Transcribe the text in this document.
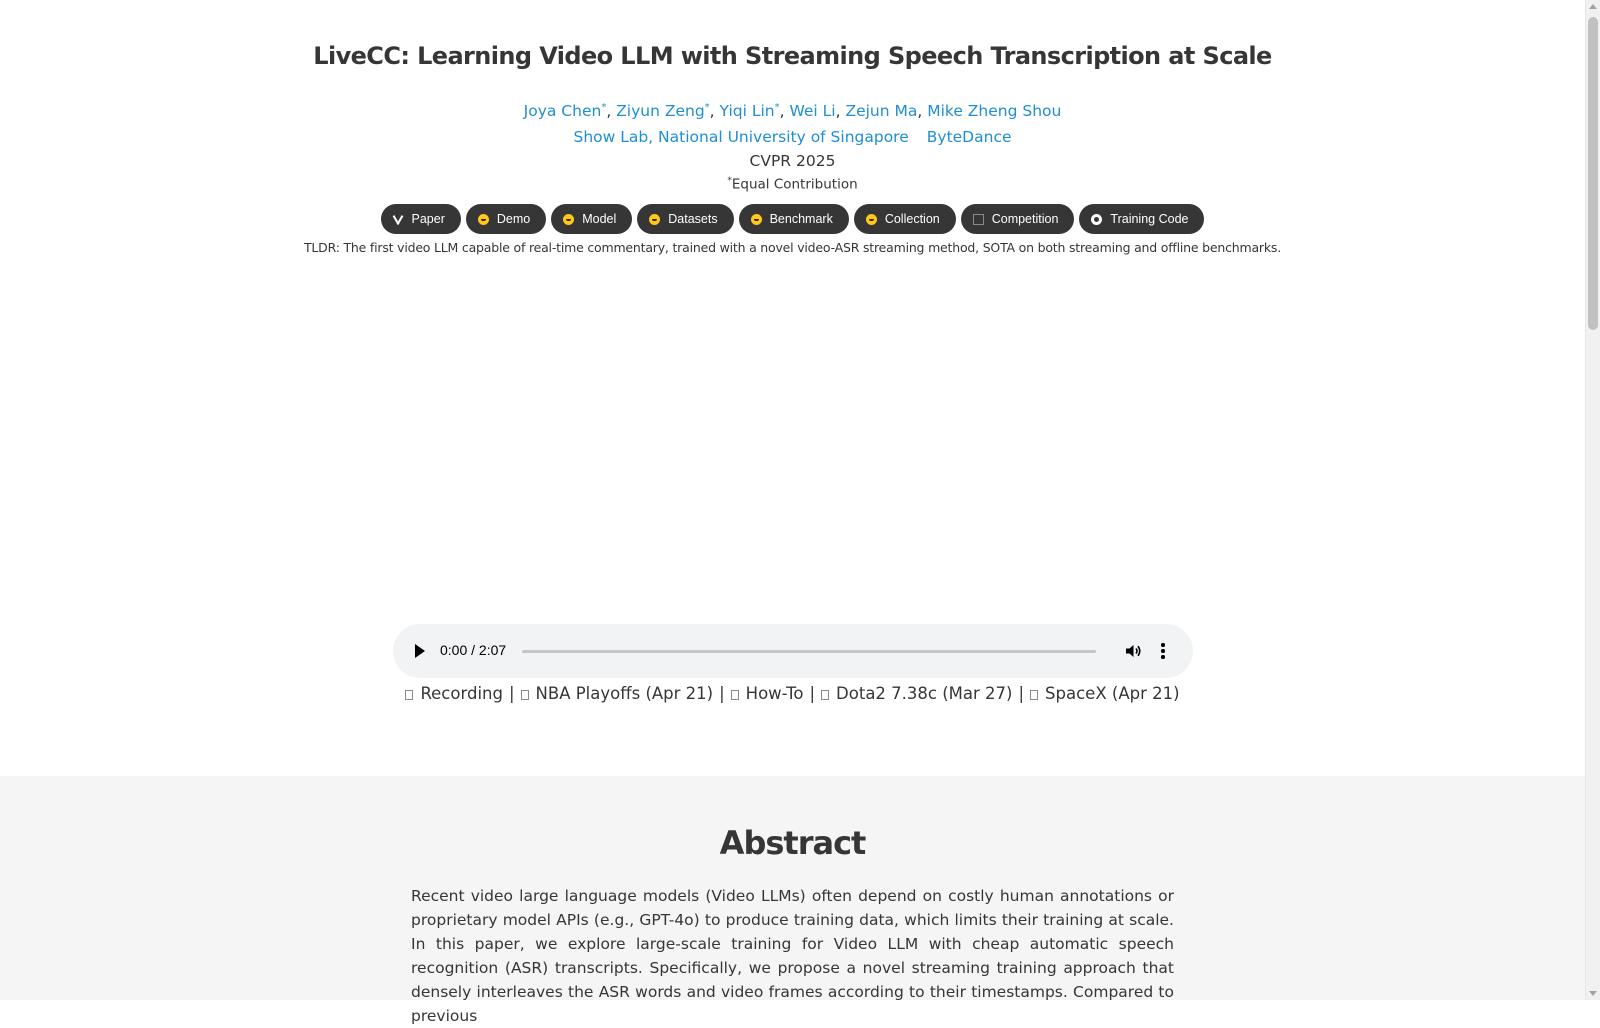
LiveCC: Learning Video LLM with Streaming Speech Transcription at Scale
Joya Chen*, Ziyun Zeng*, Yiqi Lin*, Wei Li, Zejun Ma, Mike Zheng Shou
Show Lab, National University of Singapore ByteDance
CVPR 2025
*Equal Contribution
Paper	Demo	Model	Datasets	Benchmark	Collection	Competition	Training Code
TLDR: The first video LLM capable of real-time commentary, trained with a novel video-ASR streaming method, SOTA on both streaming and offline benchmarks.
0:00 / 2:07
Recording | NBA Playoffs (Apr 21) | How-To | Dota2 7.38c (Mar 27) | SpaceX (Apr 21)
Abstract

Recent video large language models (Video LLMs) often depend on costly human annotations or proprietary model APIs (e.g., GPT-4o) to produce training data, which limits their training at scale. In this paper, we explore large-scale training for Video LLM with cheap automatic speech recognition (ASR) transcripts. Specifically, we propose a novel streaming training approach that densely interleaves the ASR words and video frames according to their timestamps. Compared to previous
